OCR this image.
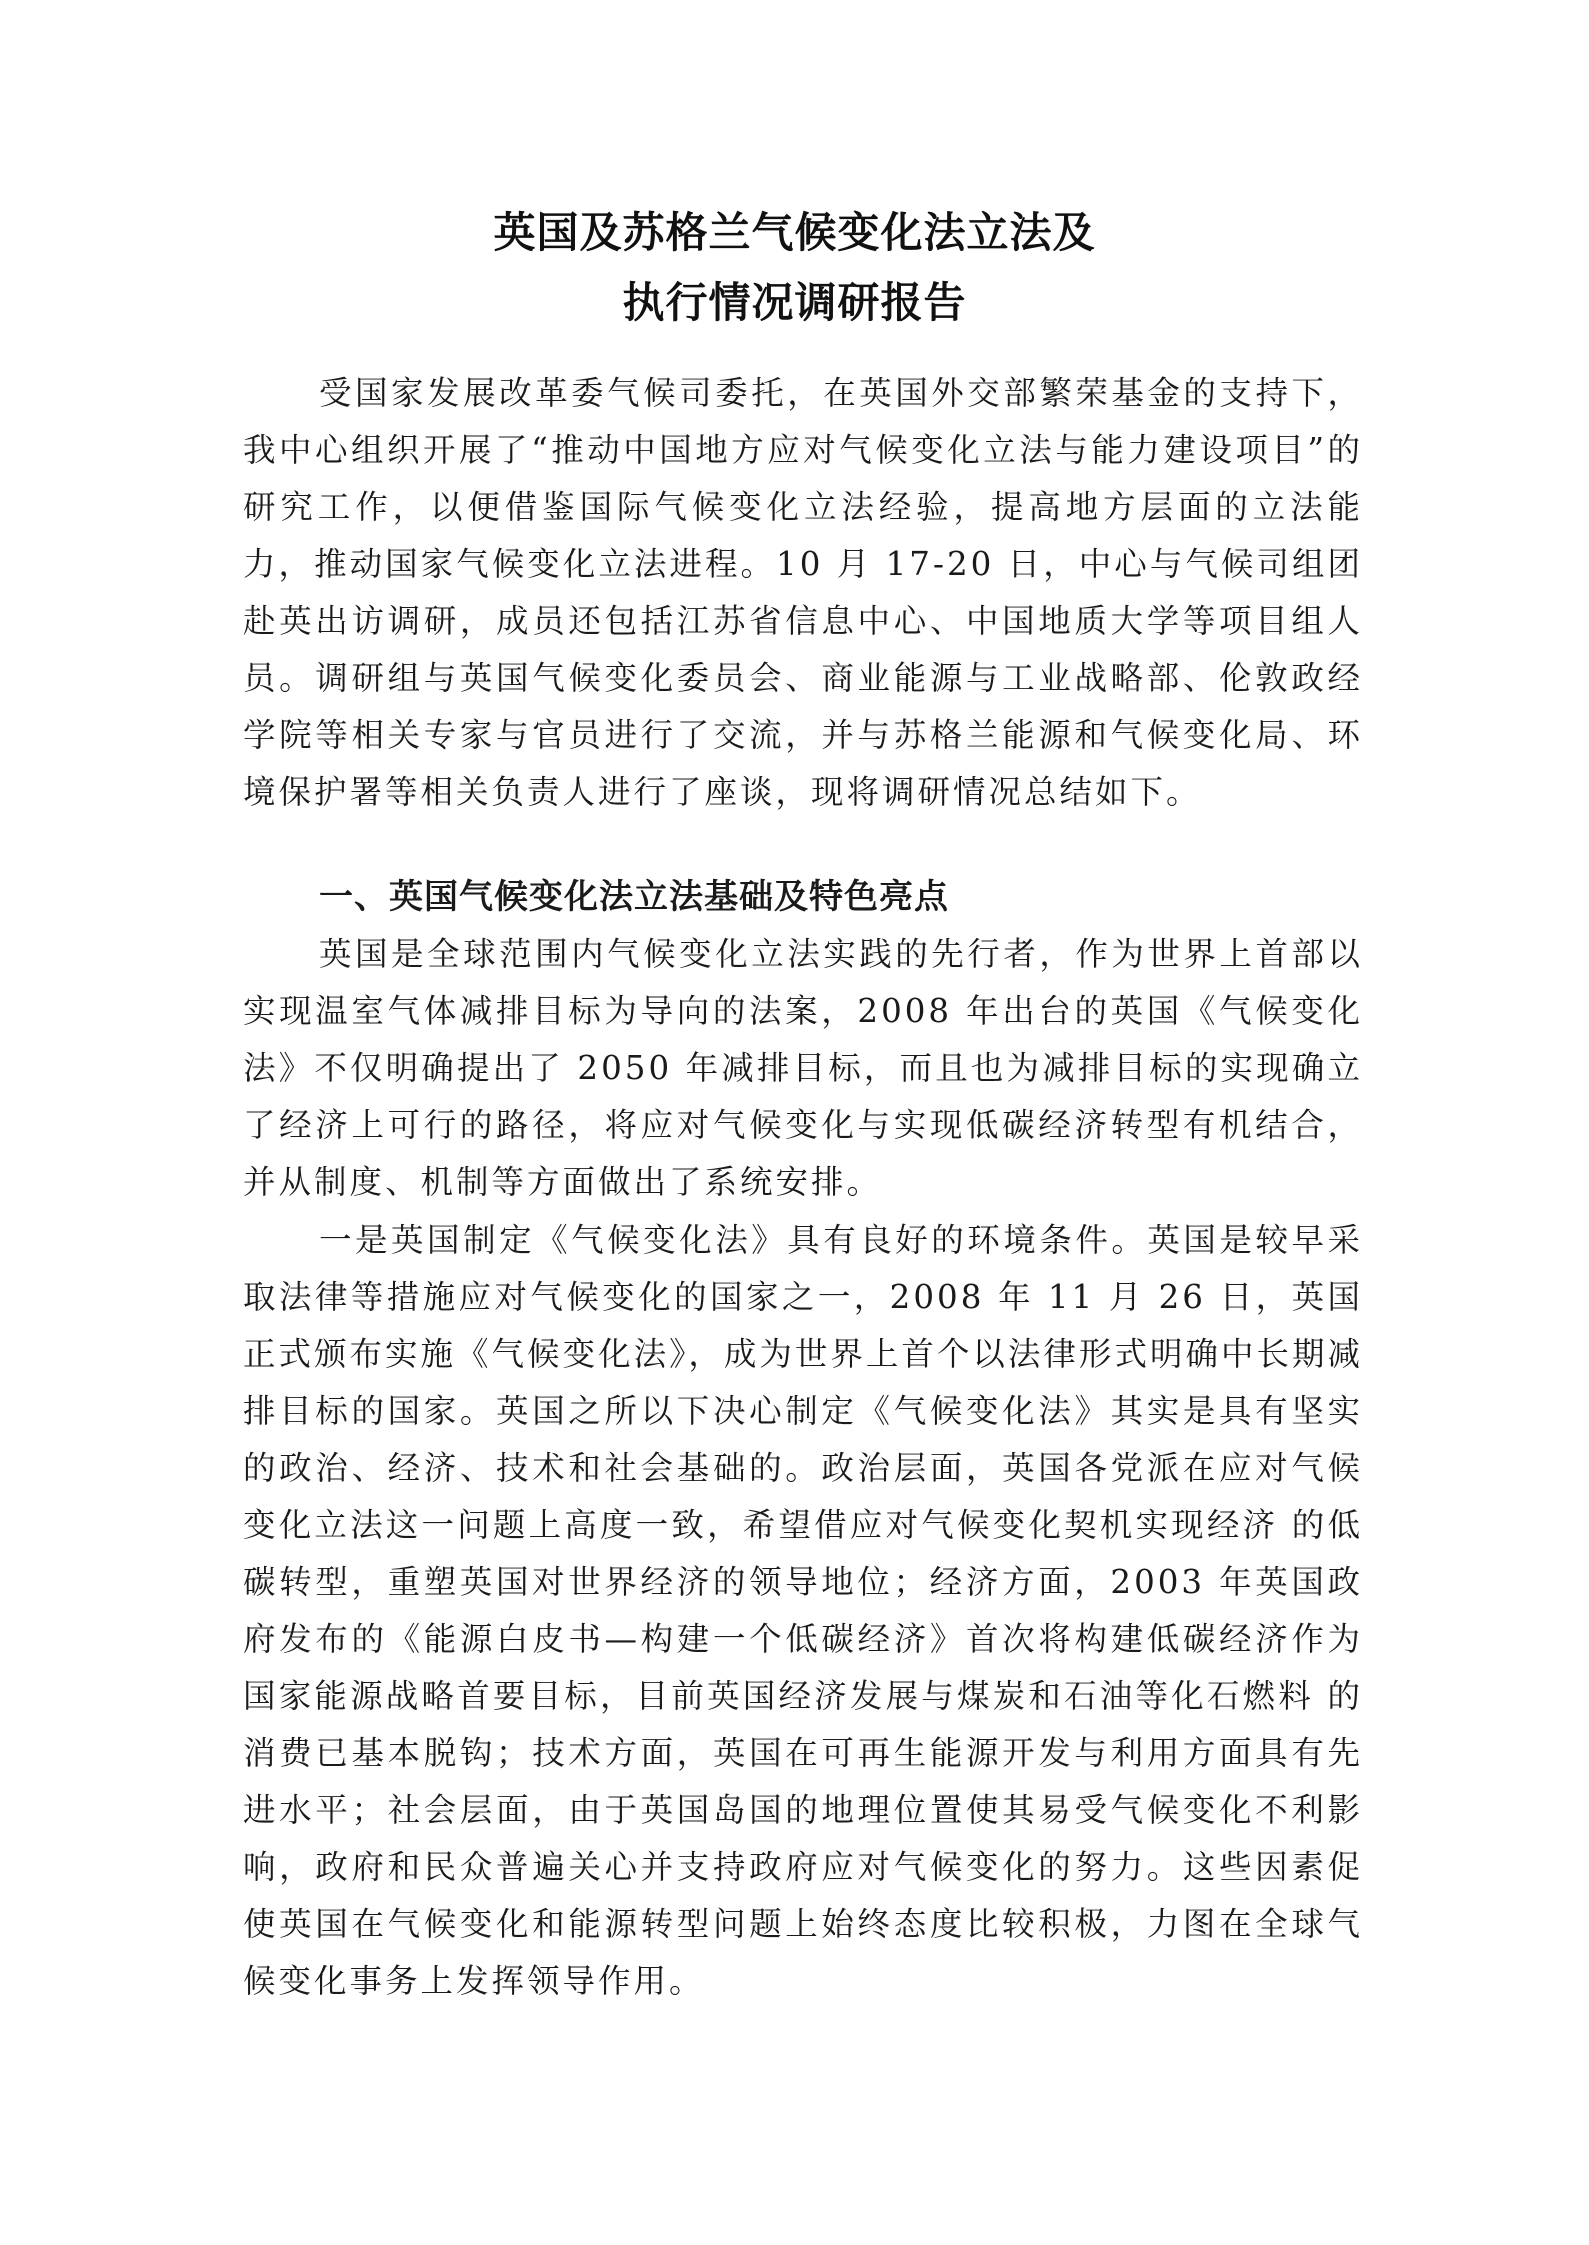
英国及苏格兰气候变化法立法及
执行情况调研报告

受国家发展改革委气候司委托，在英国外交部繁荣基金的支持下，我中心组织开展了“推动中国地方应对气候变化立法与能力建设项目”的研究工作，以便借鉴国际气候变化立法经验，提高地方层面的立法能力，推动国家气候变化立法进程。10 月 17-20 日，中心与气候司组团赴英出访调研，成员还包括江苏省信息中心、中国地质大学等项目组人员。调研组与英国气候变化委员会、商业能源与工业战略部、伦敦政经学院等相关专家与官员进行了交流，并与苏格兰能源和气候变化局、环境保护署等相关负责人进行了座谈，现将调研情况总结如下。

一、英国气候变化法立法基础及特色亮点

英国是全球范围内气候变化立法实践的先行者，作为世界上首部以实现温室气体减排目标为导向的法案，2008 年出台的英国《气候变化法》不仅明确提出了 2050 年减排目标，而且也为减排目标的实现确立了经济上可行的路径，将应对气候变化与实现低碳经济转型有机结合，并从制度、机制等方面做出了系统安排。

一是英国制定《气候变化法》具有良好的环境条件。英国是较早采取法律等措施应对气候变化的国家之一，2008 年 11 月 26 日，英国正式颁布实施《气候变化法》，成为世界上首个以法律形式明确中长期减排目标的国家。英国之所以下决心制定《气候变化法》其实是具有坚实的政治、经济、技术和社会基础的。政治层面，英国各党派在应对气候变化立法这一问题上高度一致，希望借应对气候变化契机实现经济 的低碳转型，重塑英国对世界经济的领导地位；经济方面，2003 年英国政府发布的《能源白皮书—构建一个低碳经济》首次将构建低碳经济作为国家能源战略首要目标，目前英国经济发展与煤炭和石油等化石燃料 的消费已基本脱钩；技术方面，英国在可再生能源开发与利用方面具有先进水平；社会层面，由于英国岛国的地理位置使其易受气候变化不利影响，政府和民众普遍关心并支持政府应对气候变化的努力。这些因素促使英国在气候变化和能源转型问题上始终态度比较积极，力图在全球气候变化事务上发挥领导作用。
